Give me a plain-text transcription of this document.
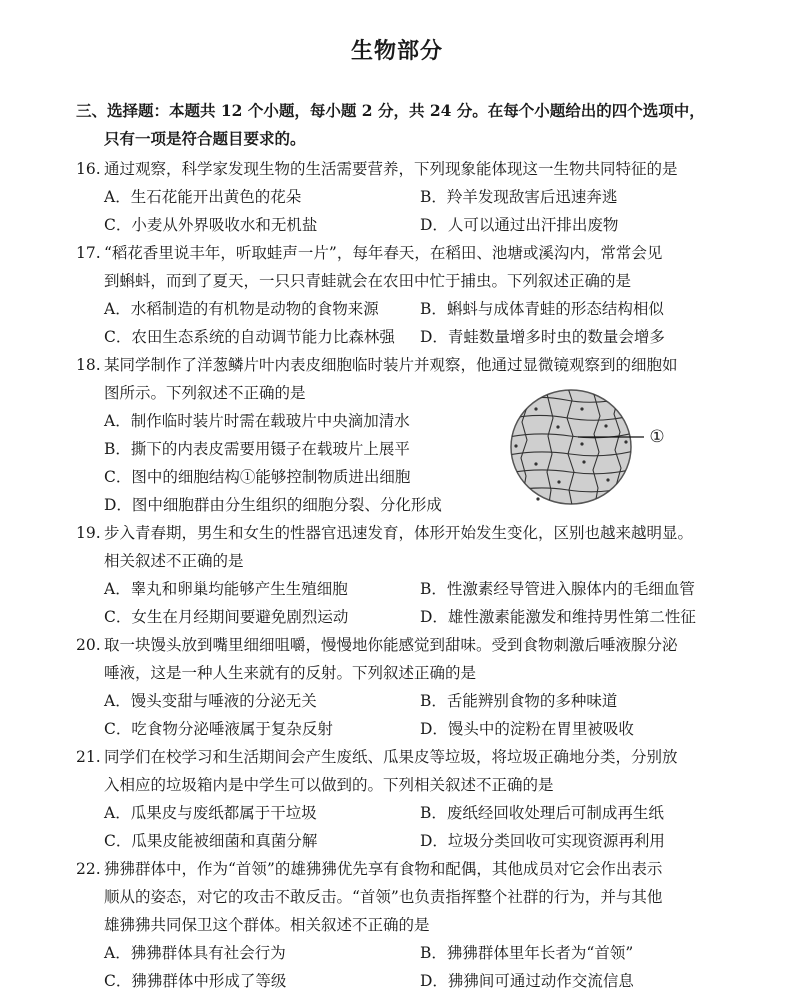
生物部分
三、选择题：本题共 12 个小题，每小题 2 分，共 24 分。在每个小题给出的四个选项中，
只有一项是符合题目要求的。
16. 通过观察，科学家发现生物的生活需要营养，下列现象能体现这一生物共同特征的是
A．生石花能开出黄色的花朵	B．羚羊发现敌害后迅速奔逃
C．小麦从外界吸收水和无机盐	D．人可以通过出汗排出废物
17. “稻花香里说丰年，听取蛙声一片”，每年春天，在稻田、池塘或溪沟内，常常会见
到蝌蚪，而到了夏天，一只只青蛙就会在农田中忙于捕虫。下列叙述正确的是
A．水稻制造的有机物是动物的食物来源	B．蝌蚪与成体青蛙的形态结构相似
C．农田生态系统的自动调节能力比森林强 D．青蛙数量增多时虫的数量会增多
18. 某同学制作了洋葱鳞片叶内表皮细胞临时装片并观察，他通过显微镜观察到的细胞如
图所示。下列叙述不正确的是
A．制作临时装片时需在载玻片中央滴加清水
B．撕下的内表皮需要用镊子在载玻片上展平
C．图中的细胞结构①能够控制物质进出细胞
D．图中细胞群由分生组织的细胞分裂、分化形成
①
19. 步入青春期，男生和女生的性器官迅速发育，体形开始发生变化，区别也越来越明显。
相关叙述不正确的是
A．睾丸和卵巢均能够产生生殖细胞	B．性激素经导管进入腺体内的毛细血管
C．女生在月经期间要避免剧烈运动	D．雄性激素能激发和维持男性第二性征
20. 取一块馒头放到嘴里细细咀嚼，慢慢地你能感觉到甜味。受到食物刺激后唾液腺分泌
唾液，这是一种人生来就有的反射。下列叙述正确的是
A．馒头变甜与唾液的分泌无关	B．舌能辨别食物的多种味道
C．吃食物分泌唾液属于复杂反射	D．馒头中的淀粉在胃里被吸收
21. 同学们在校学习和生活期间会产生废纸、瓜果皮等垃圾，将垃圾正确地分类，分别放
入相应的垃圾箱内是中学生可以做到的。下列相关叙述不正确的是
A．瓜果皮与废纸都属于干垃圾	B．废纸经回收处理后可制成再生纸
C．瓜果皮能被细菌和真菌分解	D．垃圾分类回收可实现资源再利用
22. 狒狒群体中，作为“首领”的雄狒狒优先享有食物和配偶，其他成员对它会作出表示
顺从的姿态，对它的攻击不敢反击。“首领”也负责指挥整个社群的行为，并与其他
雄狒狒共同保卫这个群体。相关叙述不正确的是
A．狒狒群体具有社会行为	B．狒狒群体里年长者为“首领”
C．狒狒群体中形成了等级	D．狒狒间可通过动作交流信息
